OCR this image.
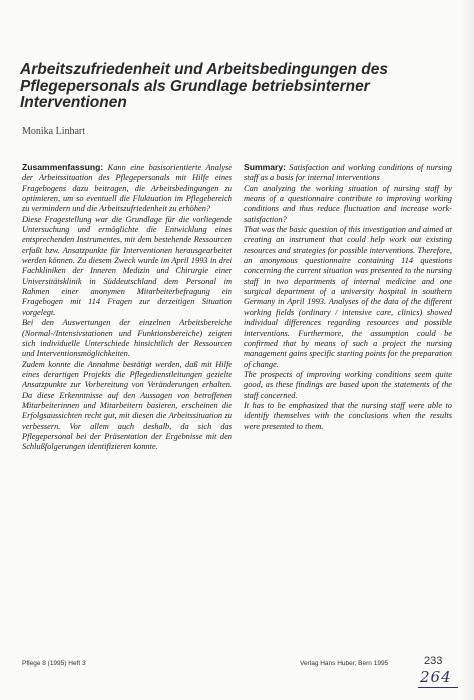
Arbeitszufriedenheit und Arbeitsbedingungen des Pflegepersonals als Grundlage betriebsinterner Interventionen
Monika Linhart

Zusammenfassung: Kann eine basisorientierte Analyse der Arbeitssituation des Pflegepersonals mit Hilfe eines Fragebogens dazu beitragen, die Arbeitsbedingungen zu optimieren, um so eventuell die Fluktuation im Pflegebereich zu vermindern und die Arbeitszufriedenheit zu erhöhen?

Diese Fragestellung war die Grundlage für die vorliegende Untersuchung und ermöglichte die Entwicklung eines entsprechenden Instrumentes, mit dem bestehende Ressourcen erfaßt bzw. Ansatzpunkte für Interventionen herausgearbeitet werden können. Zu diesem Zweck wurde im April 1993 in drei Fachkliniken der Inneren Medizin und Chirurgie einer Universitätsklinik in Süddeutschland dem Personal im Rahmen einer anonymen Mitarbeiterbefragung ein Fragebogen mit 114 Fragen zur derzeitigen Situation vorgelegt.

Bei den Auswertungen der einzelnen Arbeitsbereiche (Normal-/Intensivstationen und Funktionsbereiche) zeigten sich individuelle Unterschiede hinsichtlich der Ressourcen und Interventionsmöglichkeiten.

Zudem konnte die Annahme bestätigt werden, daß mit Hilfe eines derartigen Projekts die Pflegedienstleitungen gezielte Ansatzpunkte zur Vorbereitung von Veränderungen erhalten. Da diese Erkenntnisse auf den Aussagen von betroffenen Mitarbeiterinnen und Mitarbeitern basieren, erscheinen die Erfolgsaussichten recht gut, mit diesen die Arbeitssituation zu verbessern. Vor allem auch deshalb, da sich das Pflegepersonal bei der Präsentation der Ergebnisse mit den Schlußfolgerungen identifizieren konnte.

Summary: Satisfaction and working conditions of nursing staff as a basis for internal interventions

Can analyzing the working situation of nursing staff by means of a questionnaire contribute to improving working conditions and thus reduce fluctuation and increase work-satisfaction?

That was the basic question of this investigation and aimed at creating an instrument that could help work out existing resources and strategies for possible interventions. Therefore, an anonymous questionnaire containing 114 questions concerning the current situation was presented to the nursing staff in two departments of internal medicine and one surgical department of a university hospital in southern Germany in April 1993. Analyses of the data of the different working fields (ordinary / intensive care, clinics) showed individual differences regarding resources and possible interventions. Furthermore, the assumption could be confirmed that by means of such a project the nursing management gains specific starting points for the preparation of change.

The prospects of improving working conditions seem quite good, as these findings are based upon the statements of the staff concerned.

It has to be emphasized that the nursing staff were able to identify themselves with the conclusions when the results were presented to them.

Pflege 8 (1995) Heft 3	Verlag Hans Huber, Bern 1995	233
264
